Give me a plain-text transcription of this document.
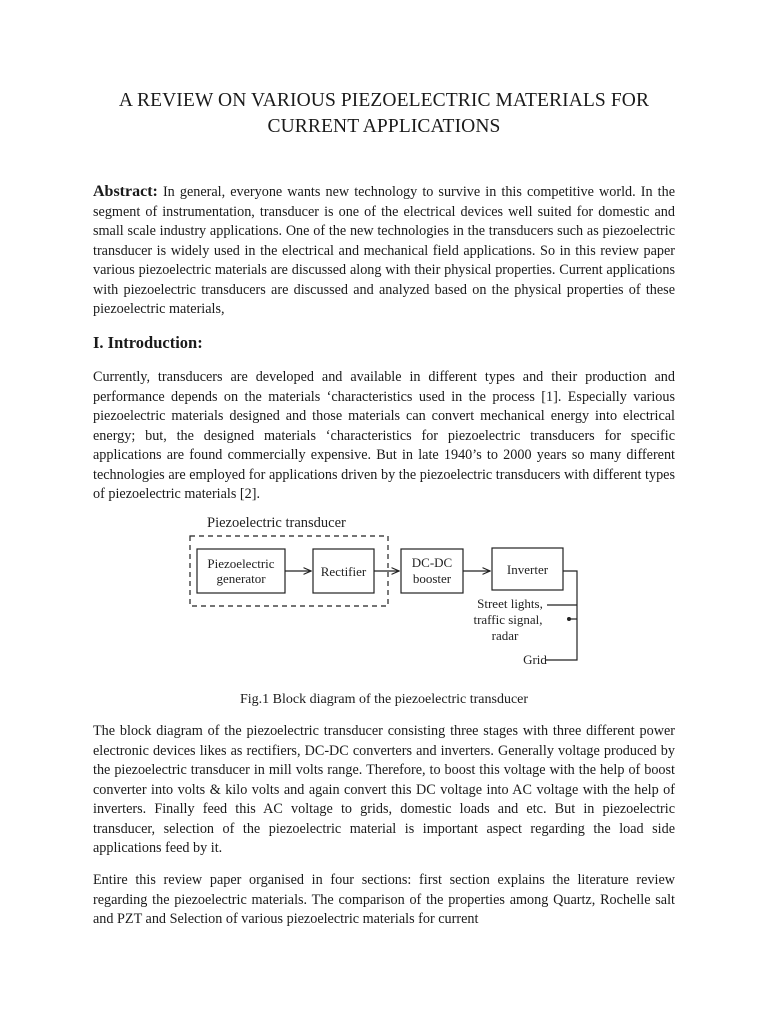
A REVIEW ON VARIOUS PIEZOELECTRIC MATERIALS FOR
CURRENT APPLICATIONS

Abstract: In general, everyone wants new technology to survive in this competitive world. In the segment of instrumentation, transducer is one of the electrical devices well suited for domestic and small scale industry applications. One of the new technologies in the transducers such as piezoelectric transducer is widely used in the electrical and mechanical field applications. So in this review paper various piezoelectric materials are discussed along with their physical properties. Current applications with piezoelectric transducers are discussed and analyzed based on the physical properties of these piezoelectric materials,

I. Introduction:

Currently, transducers are developed and available in different types and their production and performance depends on the materials ‘characteristics used in the process [1]. Especially various piezoelectric materials designed and those materials can convert mechanical energy into electrical energy; but, the designed materials ‘characteristics for piezoelectric transducers for specific applications are found commercially expensive. But in late 1940’s to 2000 years so many different technologies are employed for applications driven by the piezoelectric transducers with different types of piezoelectric materials [2].

Piezoelectric transducer
Piezoelectric
generator	Rectifier
DC-DC
booster
Inverter
Street lights,
traffic signal,
radar
Grid
Fig.1 Block diagram of the piezoelectric transducer

The block diagram of the piezoelectric transducer consisting three stages with three different power electronic devices likes as rectifiers, DC-DC converters and inverters. Generally voltage produced by the piezoelectric transducer in mill volts range. Therefore, to boost this voltage with the help of boost converter into volts & kilo volts and again convert this DC voltage into AC voltage with the help of inverters. Finally feed this AC voltage to grids, domestic loads and etc. But in piezoelectric transducer, selection of the piezoelectric material is important aspect regarding the load side applications feed by it.

Entire this review paper organised in four sections: first section explains the literature review regarding the piezoelectric materials. The comparison of the properties among Quartz, Rochelle salt and PZT and Selection of various piezoelectric materials for current
